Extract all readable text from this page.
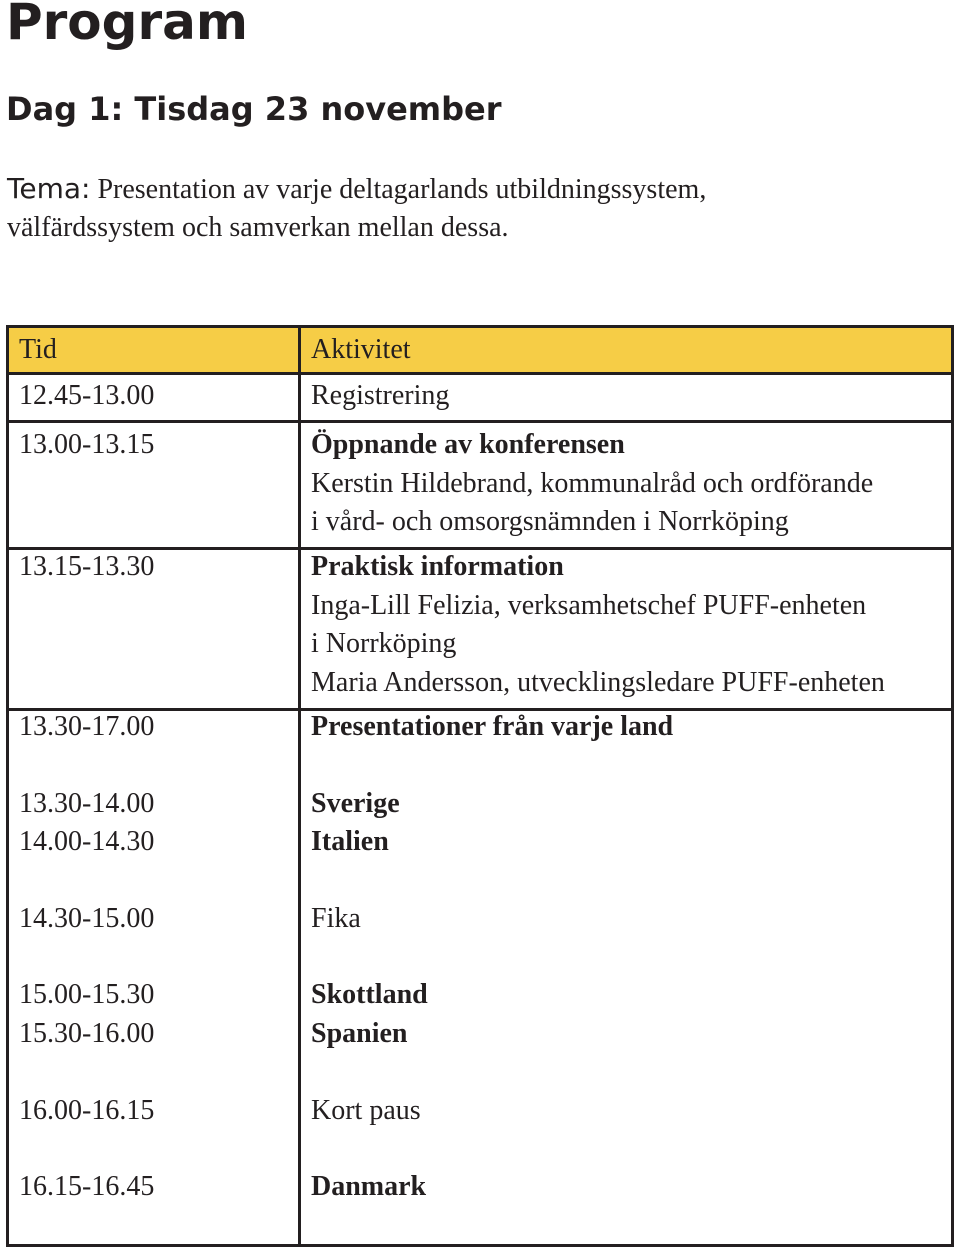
Program
Dag 1: Tisdag 23 november
Tema: Presentation av varje deltagarlands utbildningssystem,
välfärdssystem och samverkan mellan dessa.
Tid	Aktivitet
12.45-13.00	Registrering
13.00-13.15	Öppnande av konferensen
Kerstin Hildebrand, kommunalråd och ordförande
i vård- och omsorgsnämnden i Norrköping
13.15-13.30	Praktisk information
Inga-Lill Felizia, verksamhetschef PUFF-enheten
i Norrköping
Maria Andersson, utvecklingsledare PUFF-enheten
13.30-17.00	Presentationer från varje land
13.30-14.00	Sverige
14.00-14.30	Italien
14.30-15.00	Fika
15.00-15.30	Skottland
15.30-16.00	Spanien
16.00-16.15	Kort paus
16.15-16.45	Danmark
